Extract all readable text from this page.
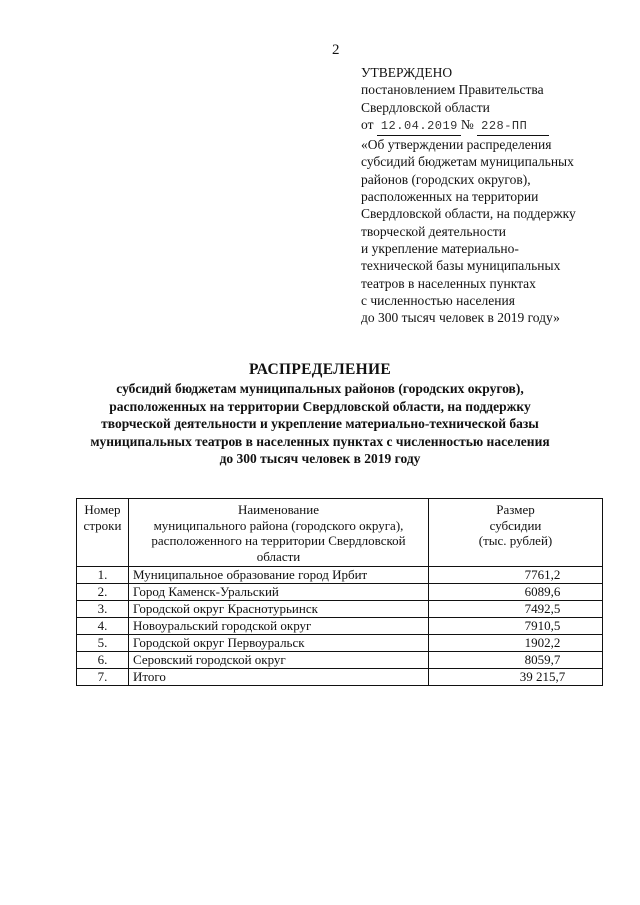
2
УТВЕРЖДЕНО
постановлением Правительства
Свердловской области
от 12.04.2019 № 228-ПП
«Об утверждении распределения
субсидий бюджетам муниципальных
районов (городских округов),
расположенных на территории
Свердловской области, на поддержку
творческой деятельности
и укрепление материально-
технической базы муниципальных
театров в населенных пунктах
с численностью населения
до 300 тысяч человек в 2019 году»
РАСПРЕДЕЛЕНИЕ
субсидий бюджетам муниципальных районов (городских округов),
расположенных на территории Свердловской области, на поддержку
творческой деятельности и укрепление материально-технической базы
муниципальных театров в населенных пунктах с численностью населения
до 300 тысяч человек в 2019 году
Номер
строки	Наименование
муниципального района (городского округа),
расположенного на территории Свердловской
области	Размер
субсидии
(тыс. рублей)

1.	Муниципальное образование город Ирбит	7761,2
2.	Город Каменск-Уральский	6089,6
3.	Городской округ Краснотурьинск	7492,5
4.	Новоуральский городской округ	7910,5
5.	Городской округ Первоуральск	1902,2
6.	Серовский городской округ	8059,7
7.	Итого	39 215,7
